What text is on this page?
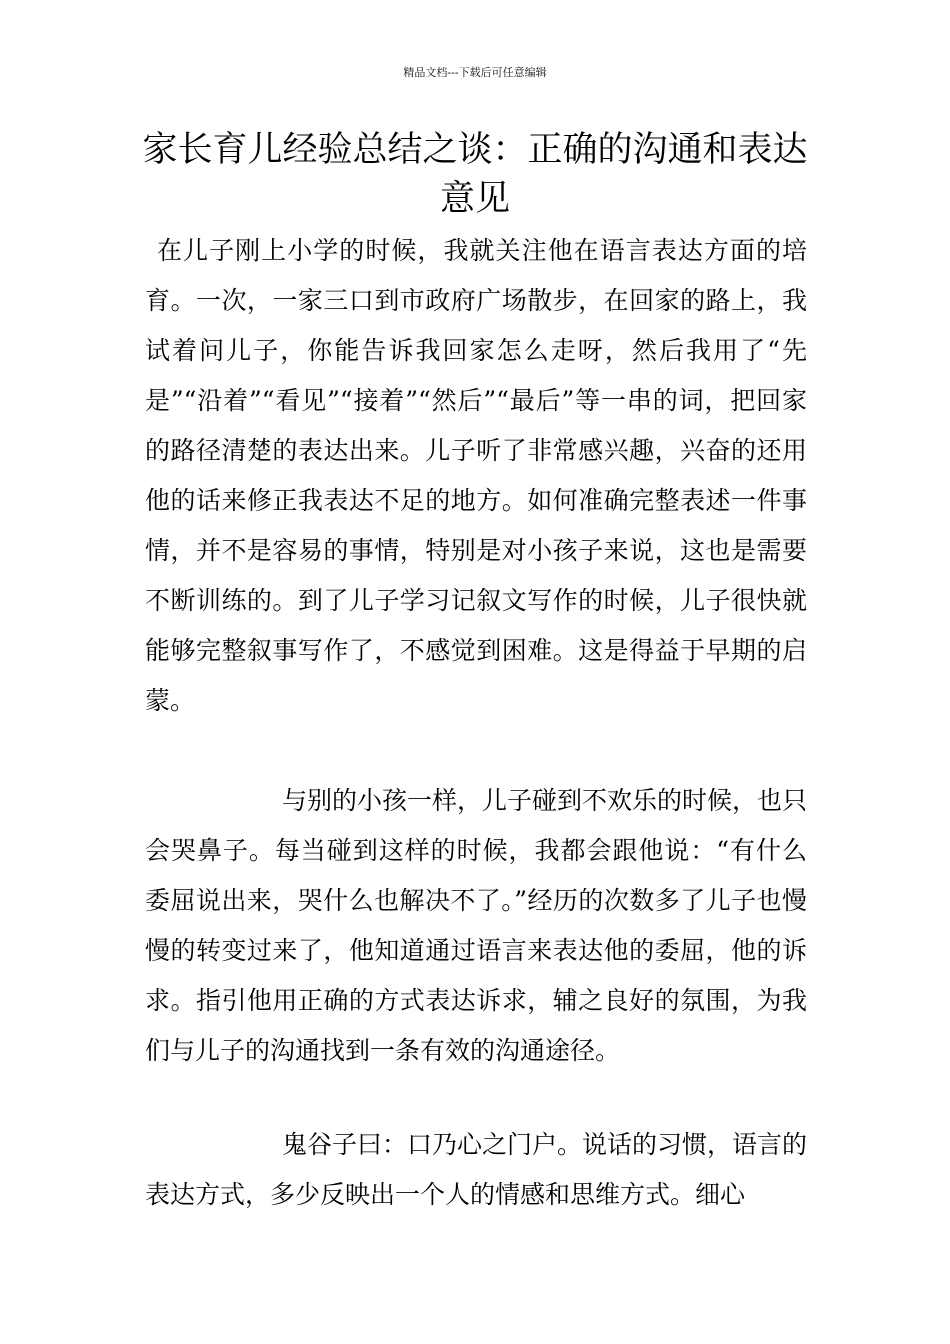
精品文档---下载后可任意编辑
家长育儿经验总结之谈：正确的沟通和表达意见

在儿子刚上小学的时候，我就关注他在语言表达方面的培育。一次，一家三口到市政府广场散步，在回家的路上，我试着问儿子，你能告诉我回家怎么走呀，然后我用了“先是”“沿着”“看见”“接着”“然后”“最后”等一串的词，把回家的路径清楚的表达出来。儿子听了非常感兴趣，兴奋的还用他的话来修正我表达不足的地方。如何准确完整表述一件事情，并不是容易的事情，特别是对小孩子来说，这也是需要不断训练的。到了儿子学习记叙文写作的时候，儿子很快就能够完整叙事写作了，不感觉到困难。这是得益于早期的启蒙。

与别的小孩一样，儿子碰到不欢乐的时候，也只会哭鼻子。每当碰到这样的时候，我都会跟他说：“有什么委屈说出来，哭什么也解决不了。”经历的次数多了儿子也慢慢的转变过来了，他知道通过语言来表达他的委屈，他的诉求。指引他用正确的方式表达诉求，辅之良好的氛围，为我们与儿子的沟通找到一条有效的沟通途径。

鬼谷子曰：口乃心之门户。说话的习惯，语言的表达方式，多少反映出一个人的情感和思维方式。细心
